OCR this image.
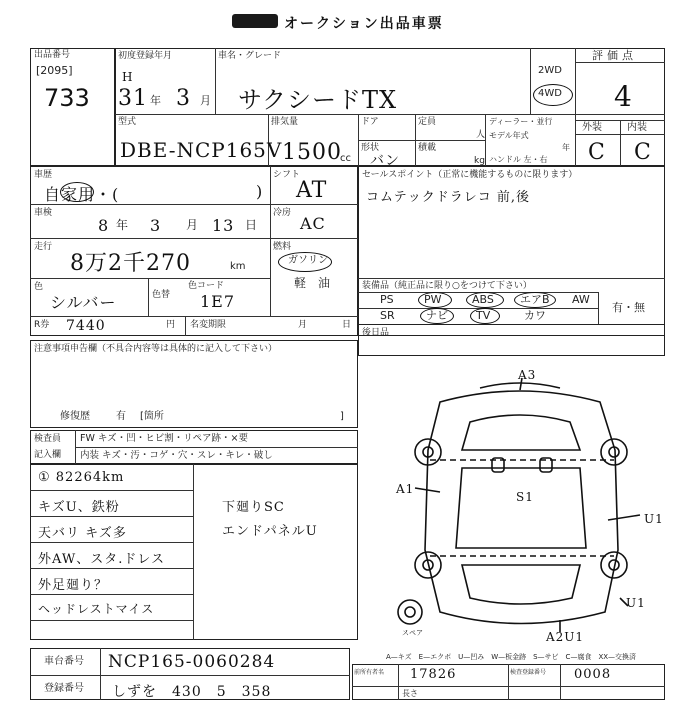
オークション出品車票
出品番号
[2095]
733
初度登録年月
H
31 年 3 月
車名・グレード
サクシードTX
2WD
4WD
評価点
4
外装	内装
C C
型式
DBE-NCP165V
排気量
1500
cc
ドア	定員
人
形状
バン
積載
kg
ディーラー・並行
モデル年式
年
ハンドル 左・右
車歴
自家用・(	)
シフト
AT
車検
8 年 3 月 13 日
冷房
AC
走行
8万2千270	km
燃料
ガソリン
軽　油
色
シルバー	色替
色コード
1E7
R券 7440	円 名変期限	月	日
セールスポイント（正常に機能するものに限ります）
コムテックドラレコ 前,後
装備品（純正品に限り○をつけて下さい）
PS	PW	ABS エアB AW
SR	ナビ	TV	カワ
有・無
後日品
注意事項申告欄（不具合内容等は具体的に記入して下さい）
修復歴	有 [箇所	]
検査員
記入欄
FW キズ・凹・ヒビ割・リペア跡・×要
内装 キズ・汚・コゲ・穴・スレ・キレ・破し
① 82264km
キズU、鉄粉
天バリ キズ多
外AW、スタ.ドレス
外足廻り？
ヘッドレストマイス
下廻りSC
エンドパネルU
A3
A1
S1
U1
U1
A2U1
スペア
A—キズ　E—エクボ　U—凹み　W—板金跡　S—サビ　C—腐食　XX—交換済
車台番号 NCP165-0060284
登録番号 しずを　430　5　358
前所有者名 17826	検査登録番号 0008
長さ
